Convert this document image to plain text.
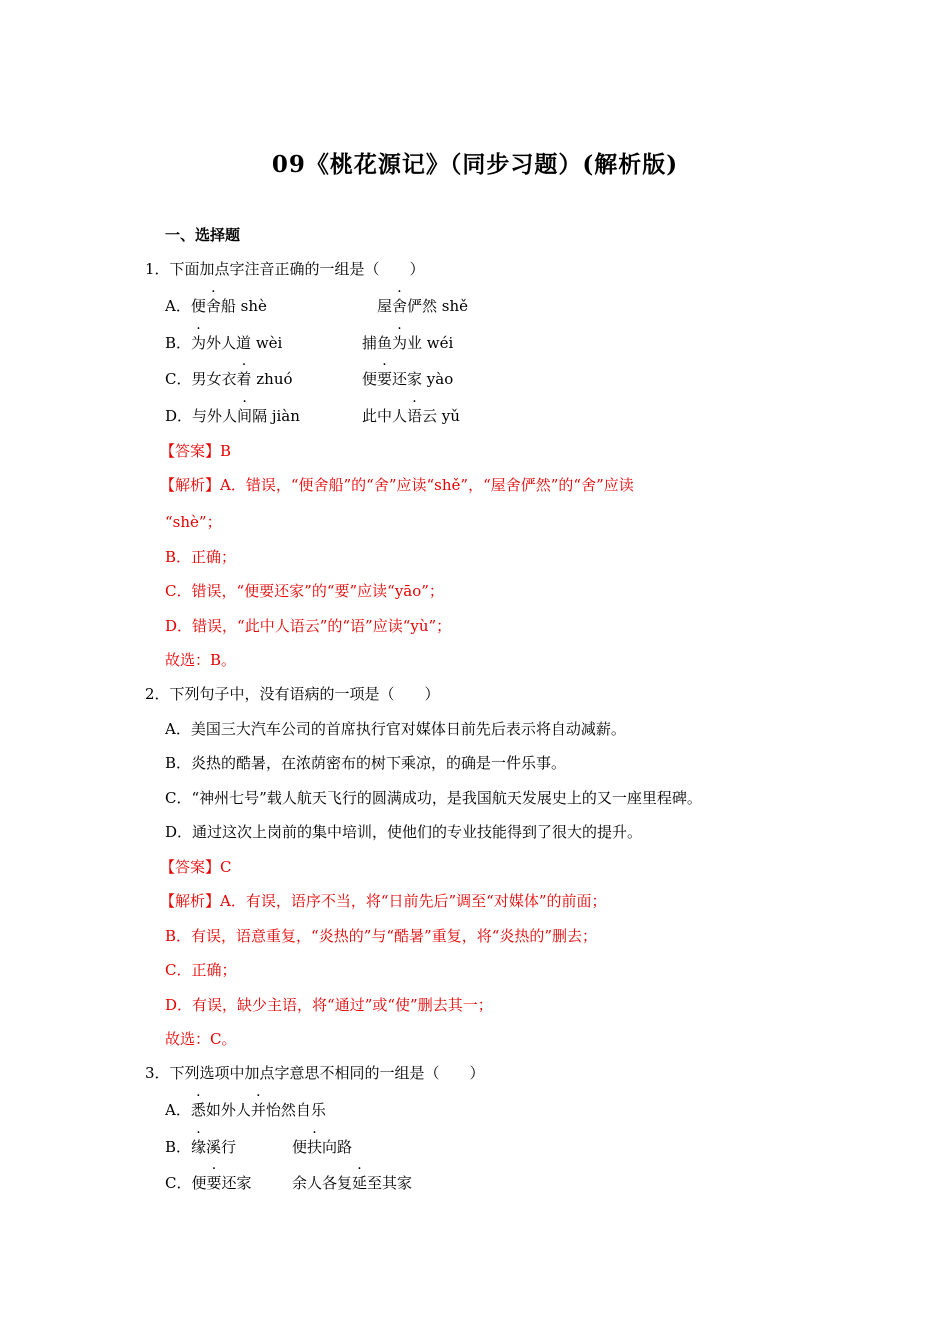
09《桃花源记》（同步习题）(解析版)
一、选择题
1．下面加点字注音正确的一组是（　　）
A．便舍船 shè	屋舍俨然 shě
B．为外人道 wèi	捕鱼为业 wéi
C．男女衣着 zhuó	便要还家 yào
D．与外人间隔 jiàn	此中人语云 yǔ
【答案】B
【解析】A．错误，“便舍船”的“舍”应读“shě”，“屋舍俨然”的“舍”应读
“shè”；
B．正确；
C．错误，“便要还家”的“要”应读“yāo”；
D．错误，“此中人语云”的“语”应读“yù”；
故选：B。
2．下列句子中，没有语病的一项是（　　）
A．美国三大汽车公司的首席执行官对媒体日前先后表示将自动减薪。
B．炎热的酷暑，在浓荫密布的树下乘凉，的确是一件乐事。
C．“神州七号”载人航天飞行的圆满成功，是我国航天发展史上的又一座里程碑。
D．通过这次上岗前的集中培训，使他们的专业技能得到了很大的提升。
【答案】C
【解析】A．有误，语序不当，将“日前先后”调至“对媒体”的前面；
B．有误，语意重复，“炎热的”与“酷暑”重复，将“炎热的”删去；
C．正确；
D．有误，缺少主语，将“通过”或“使”删去其一；
故选：C。
3．下列选项中加点字意思不相同的一组是（　　）
A．悉如外人并怡然自乐
B．缘溪行	便扶向路
C．便要还家	余人各复延至其家
